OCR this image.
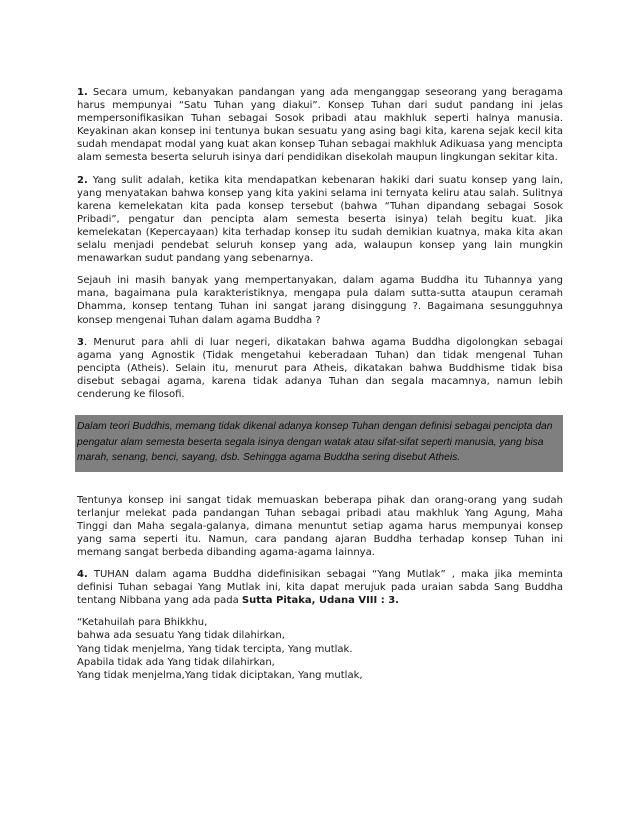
1. Secara umum, kebanyakan pandangan yang ada menganggap seseorang yang beragama harus mempunyai “Satu Tuhan yang diakui”. Konsep Tuhan dari sudut pandang ini jelas mempersonifikasikan Tuhan sebagai Sosok pribadi atau makhluk seperti halnya manusia. Keyakinan akan konsep ini tentunya bukan sesuatu yang asing bagi kita, karena sejak kecil kita sudah mendapat modal yang kuat akan konsep Tuhan sebagai makhluk Adikuasa yang mencipta alam semesta beserta seluruh isinya dari pendidikan disekolah maupun lingkungan sekitar kita.

2. Yang sulit adalah, ketika kita mendapatkan kebenaran hakiki dari suatu konsep yang lain, yang menyatakan bahwa konsep yang kita yakini selama ini ternyata keliru atau salah. Sulitnya karena kemelekatan kita pada konsep tersebut (bahwa “Tuhan dipandang sebagai Sosok Pribadi”, pengatur dan pencipta alam semesta beserta isinya) telah begitu kuat. Jika kemelekatan (Kepercayaan) kita terhadap konsep itu sudah demikian kuatnya, maka kita akan selalu menjadi pendebat seluruh konsep yang ada, walaupun konsep yang lain mungkin menawarkan sudut pandang yang sebenarnya.

Sejauh ini masih banyak yang mempertanyakan, dalam agama Buddha itu Tuhannya yang mana, bagaimana pula karakteristiknya, mengapa pula dalam sutta-sutta ataupun ceramah Dhamma, konsep tentang Tuhan ini sangat jarang disinggung ?. Bagaimana sesungguhnya konsep mengenai Tuhan dalam agama Buddha ?

3. Menurut para ahli di luar negeri, dikatakan bahwa agama Buddha digolongkan sebagai agama yang Agnostik (Tidak mengetahui keberadaan Tuhan) dan tidak mengenal Tuhan pencipta (Atheis). Selain itu, menurut para Atheis, dikatakan bahwa Buddhisme tidak bisa disebut sebagai agama, karena tidak adanya Tuhan dan segala macamnya, namun lebih cenderung ke filosofi.

Dalam teori Buddhis, memang tidak dikenal adanya konsep Tuhan dengan definisi sebagai pencipta dan pengatur alam semesta beserta segala isinya dengan watak atau sifat-sifat seperti manusia, yang bisa marah, senang, benci, sayang, dsb. Sehingga agama Buddha sering disebut Atheis.

Tentunya konsep ini sangat tidak memuaskan beberapa pihak dan orang-orang yang sudah terlanjur melekat pada pandangan Tuhan sebagai pribadi atau makhluk Yang Agung, Maha Tinggi dan Maha segala-galanya, dimana menuntut setiap agama harus mempunyai konsep yang sama seperti itu. Namun, cara pandang ajaran Buddha terhadap konsep Tuhan ini memang sangat berbeda dibanding agama-agama lainnya.

4. TUHAN dalam agama Buddha didefinisikan sebagai “Yang Mutlak” , maka jika meminta definisi Tuhan sebagai Yang Mutlak ini, kita dapat merujuk pada uraian sabda Sang Buddha tentang Nibbana yang ada pada Sutta Pitaka, Udana VIII : 3.

“Ketahuilah para Bhikkhu,
bahwa ada sesuatu Yang tidak dilahirkan,
Yang tidak menjelma, Yang tidak tercipta, Yang mutlak.
Apabila tidak ada Yang tidak dilahirkan,
Yang tidak menjelma,Yang tidak diciptakan, Yang mutlak,
